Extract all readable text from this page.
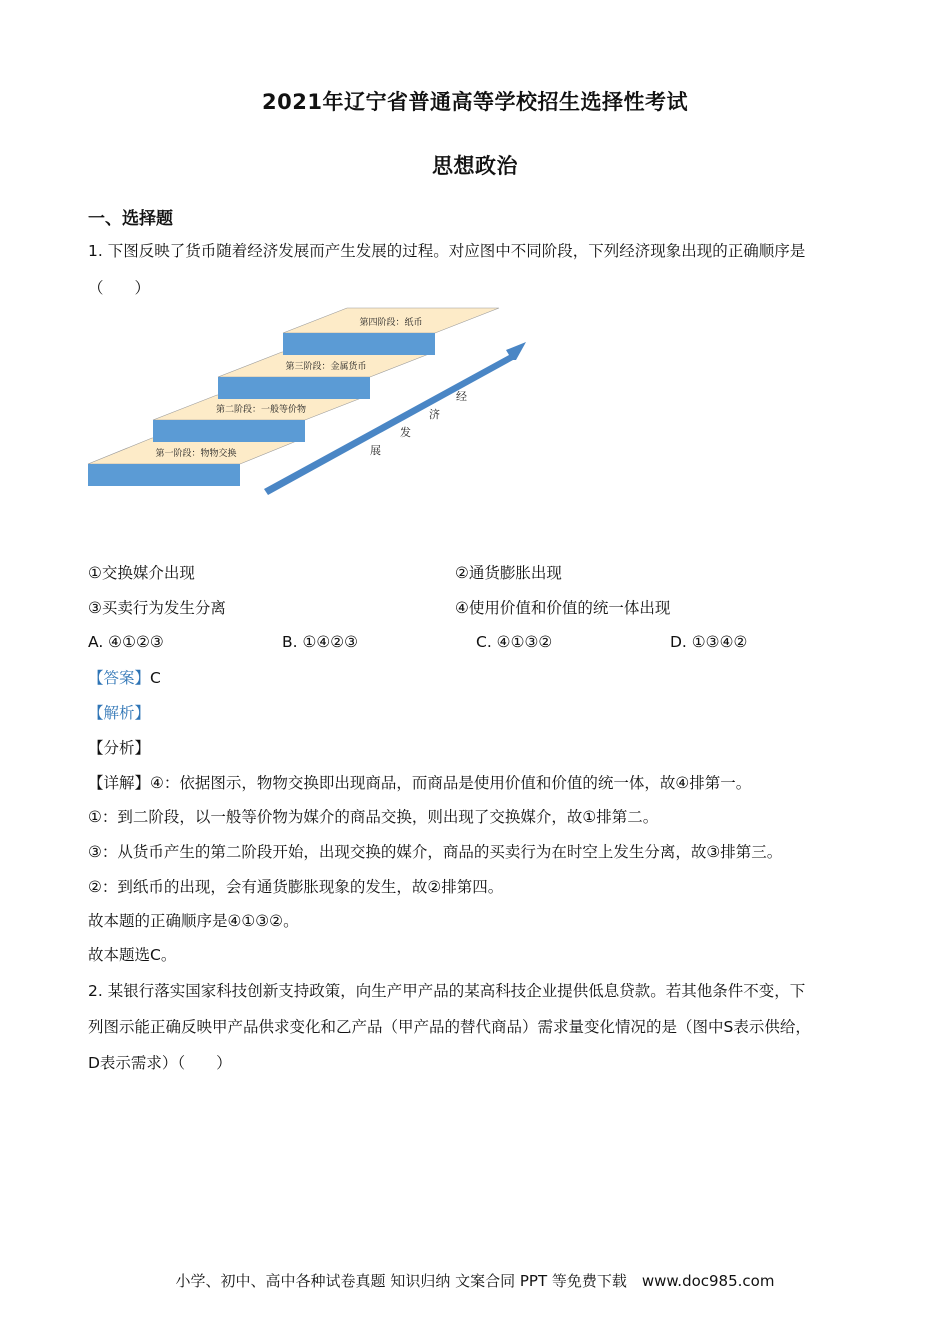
2021年辽宁省普通高等学校招生选择性考试
思想政治
一、选择题
1. 下图反映了货币随着经济发展而产生发展的过程。对应图中不同阶段，下列经济现象出现的正确顺序是
（　　）
第一阶段：物物交换
第二阶段：一般等价物
第三阶段：金属货币
第四阶段：纸币
经
济
发
展
①交换媒介出现	②通货膨胀出现
③买卖行为发生分离	④使用价值和价值的统一体出现
A. ④①②③	B. ①④②③	C. ④①③②	D. ①③④②
【答案】C
【解析】
【分析】
【详解】④：依据图示，物物交换即出现商品，而商品是使用价值和价值的统一体，故④排第一。
①：到二阶段，以一般等价物为媒介的商品交换，则出现了交换媒介，故①排第二。
③：从货币产生的第二阶段开始，出现交换的媒介，商品的买卖行为在时空上发生分离，故③排第三。
②：到纸币的出现，会有通货膨胀现象的发生，故②排第四。
故本题的正确顺序是④①③②。
故本题选C。
2. 某银行落实国家科技创新支持政策，向生产甲产品的某高科技企业提供低息贷款。若其他条件不变，下
列图示能正确反映甲产品供求变化和乙产品（甲产品的替代商品）需求量变化情况的是（图中S表示供给，
D表示需求）（　　）
小学、初中、高中各种试卷真题 知识归纳 文案合同 PPT 等免费下载　www.doc985.com
